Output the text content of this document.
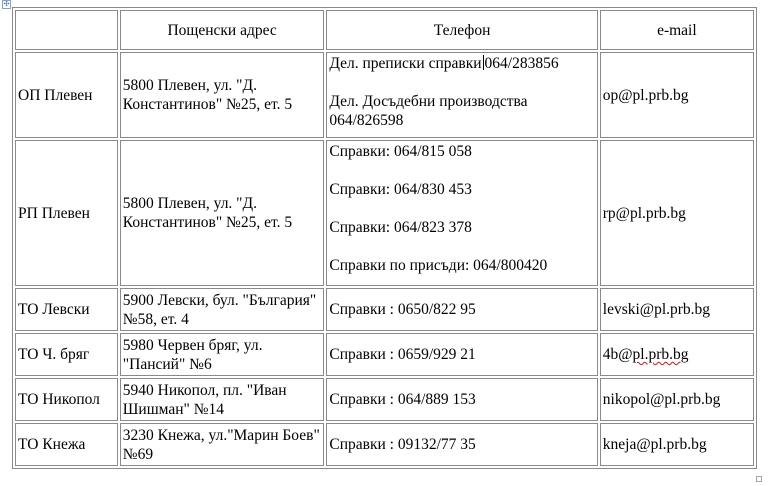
✣
	Пощенски адрес	Телефон	e-mail
ОП Плевен	5800 Плевен, ул. "Д. Константинов" №25, ет. 5	Дел. преписки справки 064/283856
Дел. Досъдебни производства 064/826598	op@pl.prb.bg
РП Плевен	5800 Плевен, ул. "Д. Константинов" №25, ет. 5	Справки: 064/815 058
Справки: 064/830 453
Справки: 064/823 378
Справки по присъди: 064/800420	rp@pl.prb.bg
ТО Левски	5900 Левски, бул. "България" №58, ет. 4	Справки : 0650/822 95	levski@pl.prb.bg
ТО Ч. бряг	5980 Червен бряг, ул. "Пансий" №6	Справки : 0659/929 21	4b@pl.prb.bg
ТО Никопол	5940 Никопол, пл. "Иван Шишман" №14	Справки : 064/889 153	nikopol@pl.prb.bg
ТО Кнежа	3230 Кнежа, ул."Марин Боев" №69	Справки : 09132/77 35	kneja@pl.prb.bg
